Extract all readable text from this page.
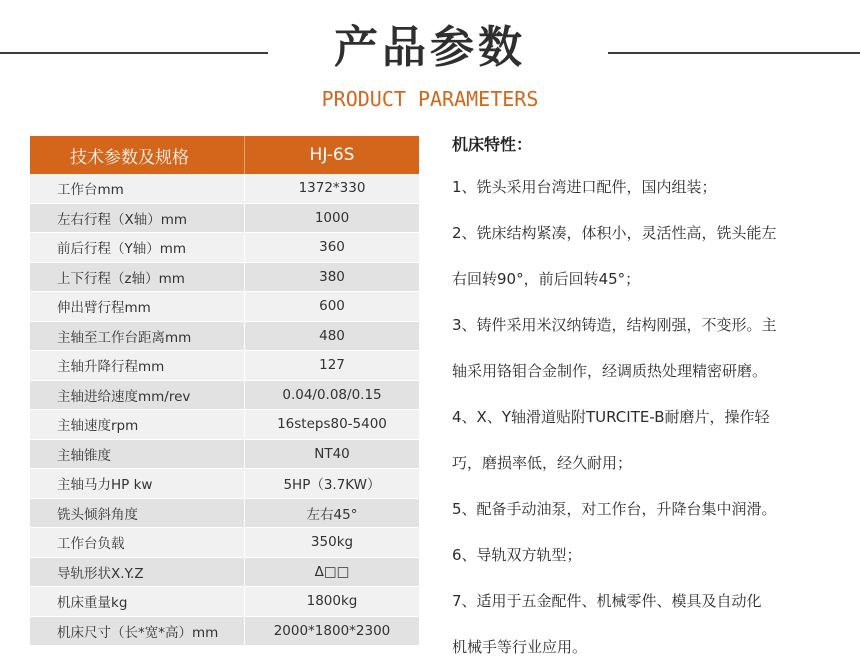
产品参数
PRODUCT PARAMETERS
技术参数及规格	HJ-6S
工作台mm	1372*330
左右行程（X轴）mm	1000
前后行程（Y轴）mm	360
上下行程（z轴）mm	380
伸出臂行程mm	600
主轴至工作台距离mm	480
主轴升降行程mm	127
主轴进给速度mm/rev	0.04/0.08/0.15
主轴速度rpm	16steps80-5400
主轴锥度	NT40
主轴马力HP kw	5HP（3.7KW）
铣头倾斜角度	左右45°
工作台负载	350kg
导轨形状X.Y.Z	Δ□□
机床重量kg	1800kg
机床尺寸（长*宽*高）mm	2000*1800*2300
机床特性：
1、铣头采用台湾进口配件，国内组装；
2、铣床结构紧凑，体积小，灵活性高，铣头能左
右回转90°，前后回转45°；
3、铸件采用米汉纳铸造，结构刚强，不变形。主
轴采用铬钼合金制作，经调质热处理精密研磨。
4、X、Y轴滑道贴附TURCITE-B耐磨片，操作轻
巧，磨损率低，经久耐用；
5、配备手动油泵，对工作台，升降台集中润滑。
6、导轨双方轨型；
7、适用于五金配件、机械零件、模具及自动化
机械手等行业应用。
